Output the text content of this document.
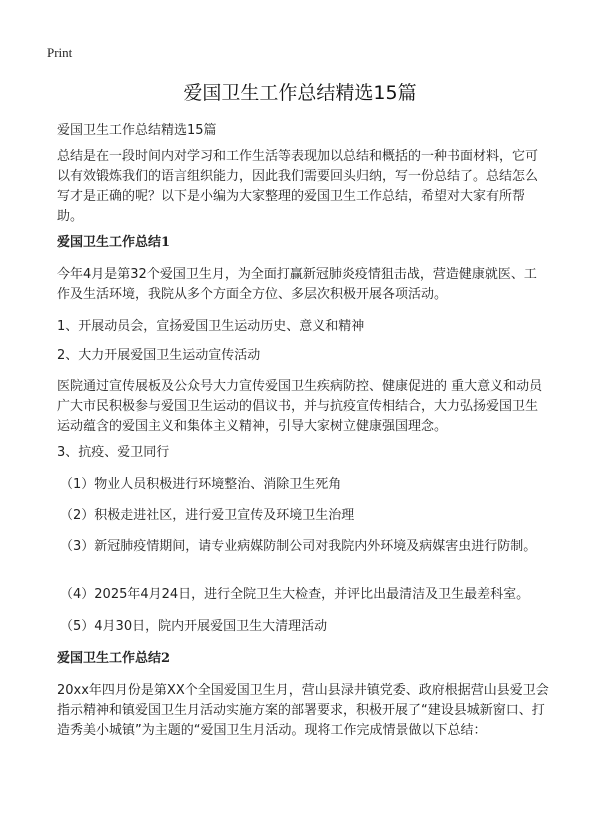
Print
爱国卫生工作总结精选15篇
爱国卫生工作总结精选15篇
总结是在一段时间内对学习和工作生活等表现加以总结和概括的一种书面材料，它可以有效锻炼我们的语言组织能力，因此我们需要回头归纳，写一份总结了。总结怎么写才是正确的呢？以下是小编为大家整理的爱国卫生工作总结，希望对大家有所帮助。
爱国卫生工作总结1
今年4月是第32个爱国卫生月，为全面打赢新冠肺炎疫情狙击战，营造健康就医、工作及生活环境，我院从多个方面全方位、多层次积极开展各项活动。
1、开展动员会，宣扬爱国卫生运动历史、意义和精神
2、大力开展爱国卫生运动宣传活动
医院通过宣传展板及公众号大力宣传爱国卫生疾病防控、健康促进的 重大意义和动员广大市民积极参与爱国卫生运动的倡议书，并与抗疫宣传相结合，大力弘扬爱国卫生运动蕴含的爱国主义和集体主义精神，引导大家树立健康强国理念。
3、抗疫、爱卫同行
（1）物业人员积极进行环境整治、消除卫生死角
（2）积极走进社区，进行爱卫宣传及环境卫生治理
（3）新冠肺疫情期间，请专业病媒防制公司对我院内外环境及病媒害虫进行防制。
（4）2025年4月24日，进行全院卫生大检查，并评比出最清洁及卫生最差科室。
（5）4月30日，院内开展爱国卫生大清理活动
爱国卫生工作总结2
20xx年四月份是第XX个全国爱国卫生月，营山县渌井镇党委、政府根据营山县爱卫会指示精神和镇爱国卫生月活动实施方案的部署要求，积极开展了“建设县城新窗口、打造秀美小城镇”为主题的“爱国卫生月活动。现将工作完成情景做以下总结：
